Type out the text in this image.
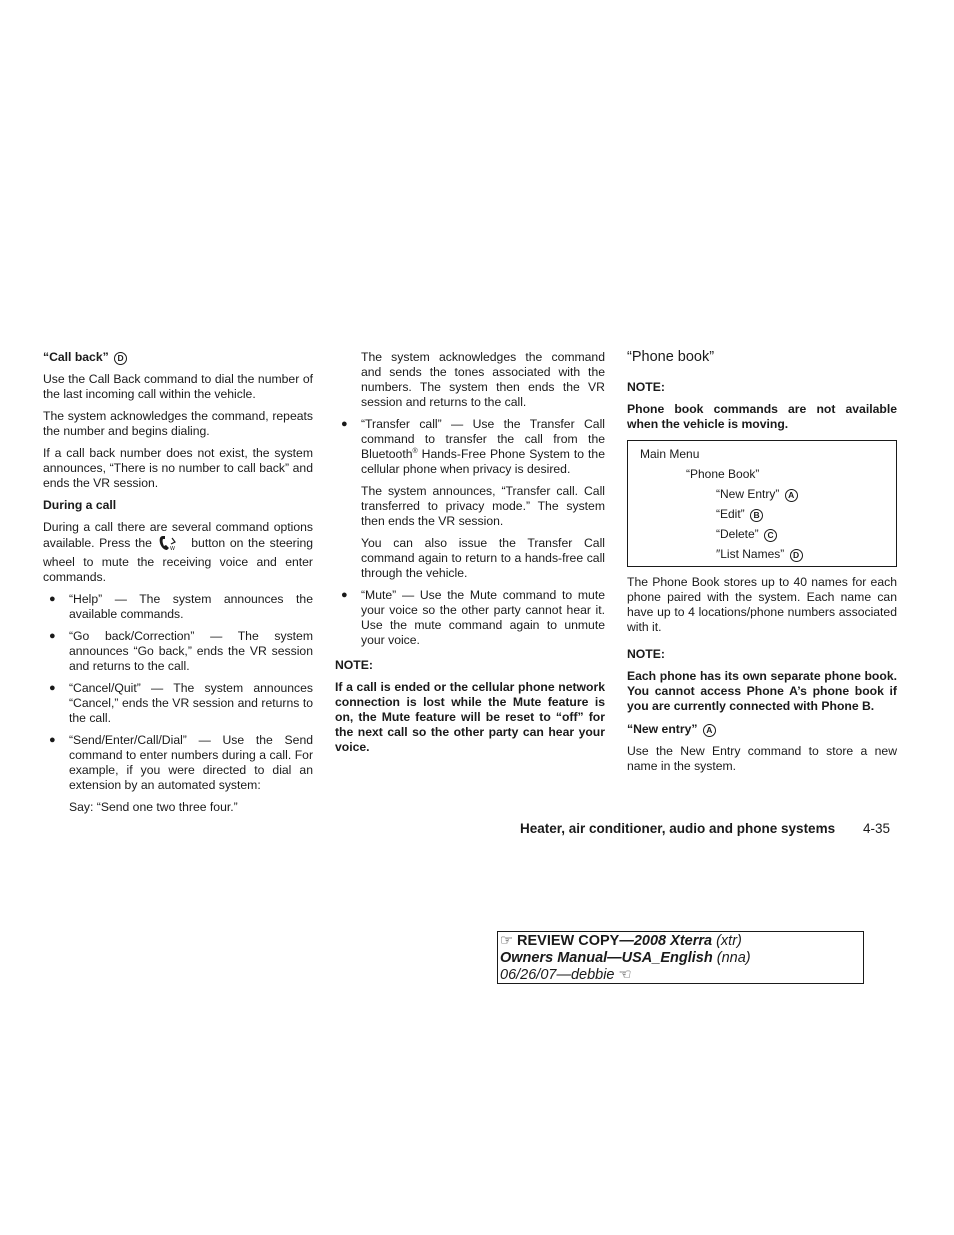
“Call back” D

Use the Call Back command to dial the number of the last incoming call within the vehicle.

The system acknowledges the command, repeats the number and begins dialing.

If a call back number does not exist, the system announces, “There is no number to call back” and ends the VR session.

During a call

During a call there are several command options available. Press the	W button on the steering wheel to mute the receiving voice and enter commands.

● “Help” — The system announces the available commands.
● “Go back/Correction” — The system announces “Go back,” ends the VR session and returns to the call.
● “Cancel/Quit” — The system announces “Cancel,” ends the VR session and returns to the call.
● “Send/Enter/Call/Dial” — Use the Send command to enter numbers during a call. For example, if you were directed to dial an extension by an automated system:

Say: “Send one two three four.”

The system acknowledges the command and sends the tones associated with the numbers. The system then ends the VR session and returns to the call.

● “Transfer call” — Use the Transfer Call command to transfer the call from the Bluetooth® Hands-Free Phone System to the cellular phone when privacy is desired.

The system announces, “Transfer call. Call transferred to privacy mode.” The system then ends the VR session.

You can also issue the Transfer Call command again to return to a hands-free call through the vehicle.

● “Mute” — Use the Mute command to mute your voice so the other party cannot hear it. Use the mute command again to unmute your voice.
NOTE:
If a call is ended or the cellular phone network connection is lost while the Mute feature is on, the Mute feature will be reset to “off” for the next call so the other party can hear your voice.
“Phone book”
NOTE:
Phone book commands are not available when the vehicle is moving.
Main Menu
“Phone Book”
“New Entry” A
“Edit” B
“Delete” C
″List Names” D

The Phone Book stores up to 40 names for each phone paired with the system. Each name can have up to 4 locations/phone numbers associated with it.

NOTE:
Each phone has its own separate phone book. You cannot access Phone A’s phone book if you are currently connected with Phone B.
“New entry” A

Use the New Entry command to store a new name in the system.

Heater, air conditioner, audio and phone systems 4-35
☞ REVIEW COPY—2008 Xterra (xtr)
Owners Manual—USA_English (nna)
06/26/07—debbie ☜
